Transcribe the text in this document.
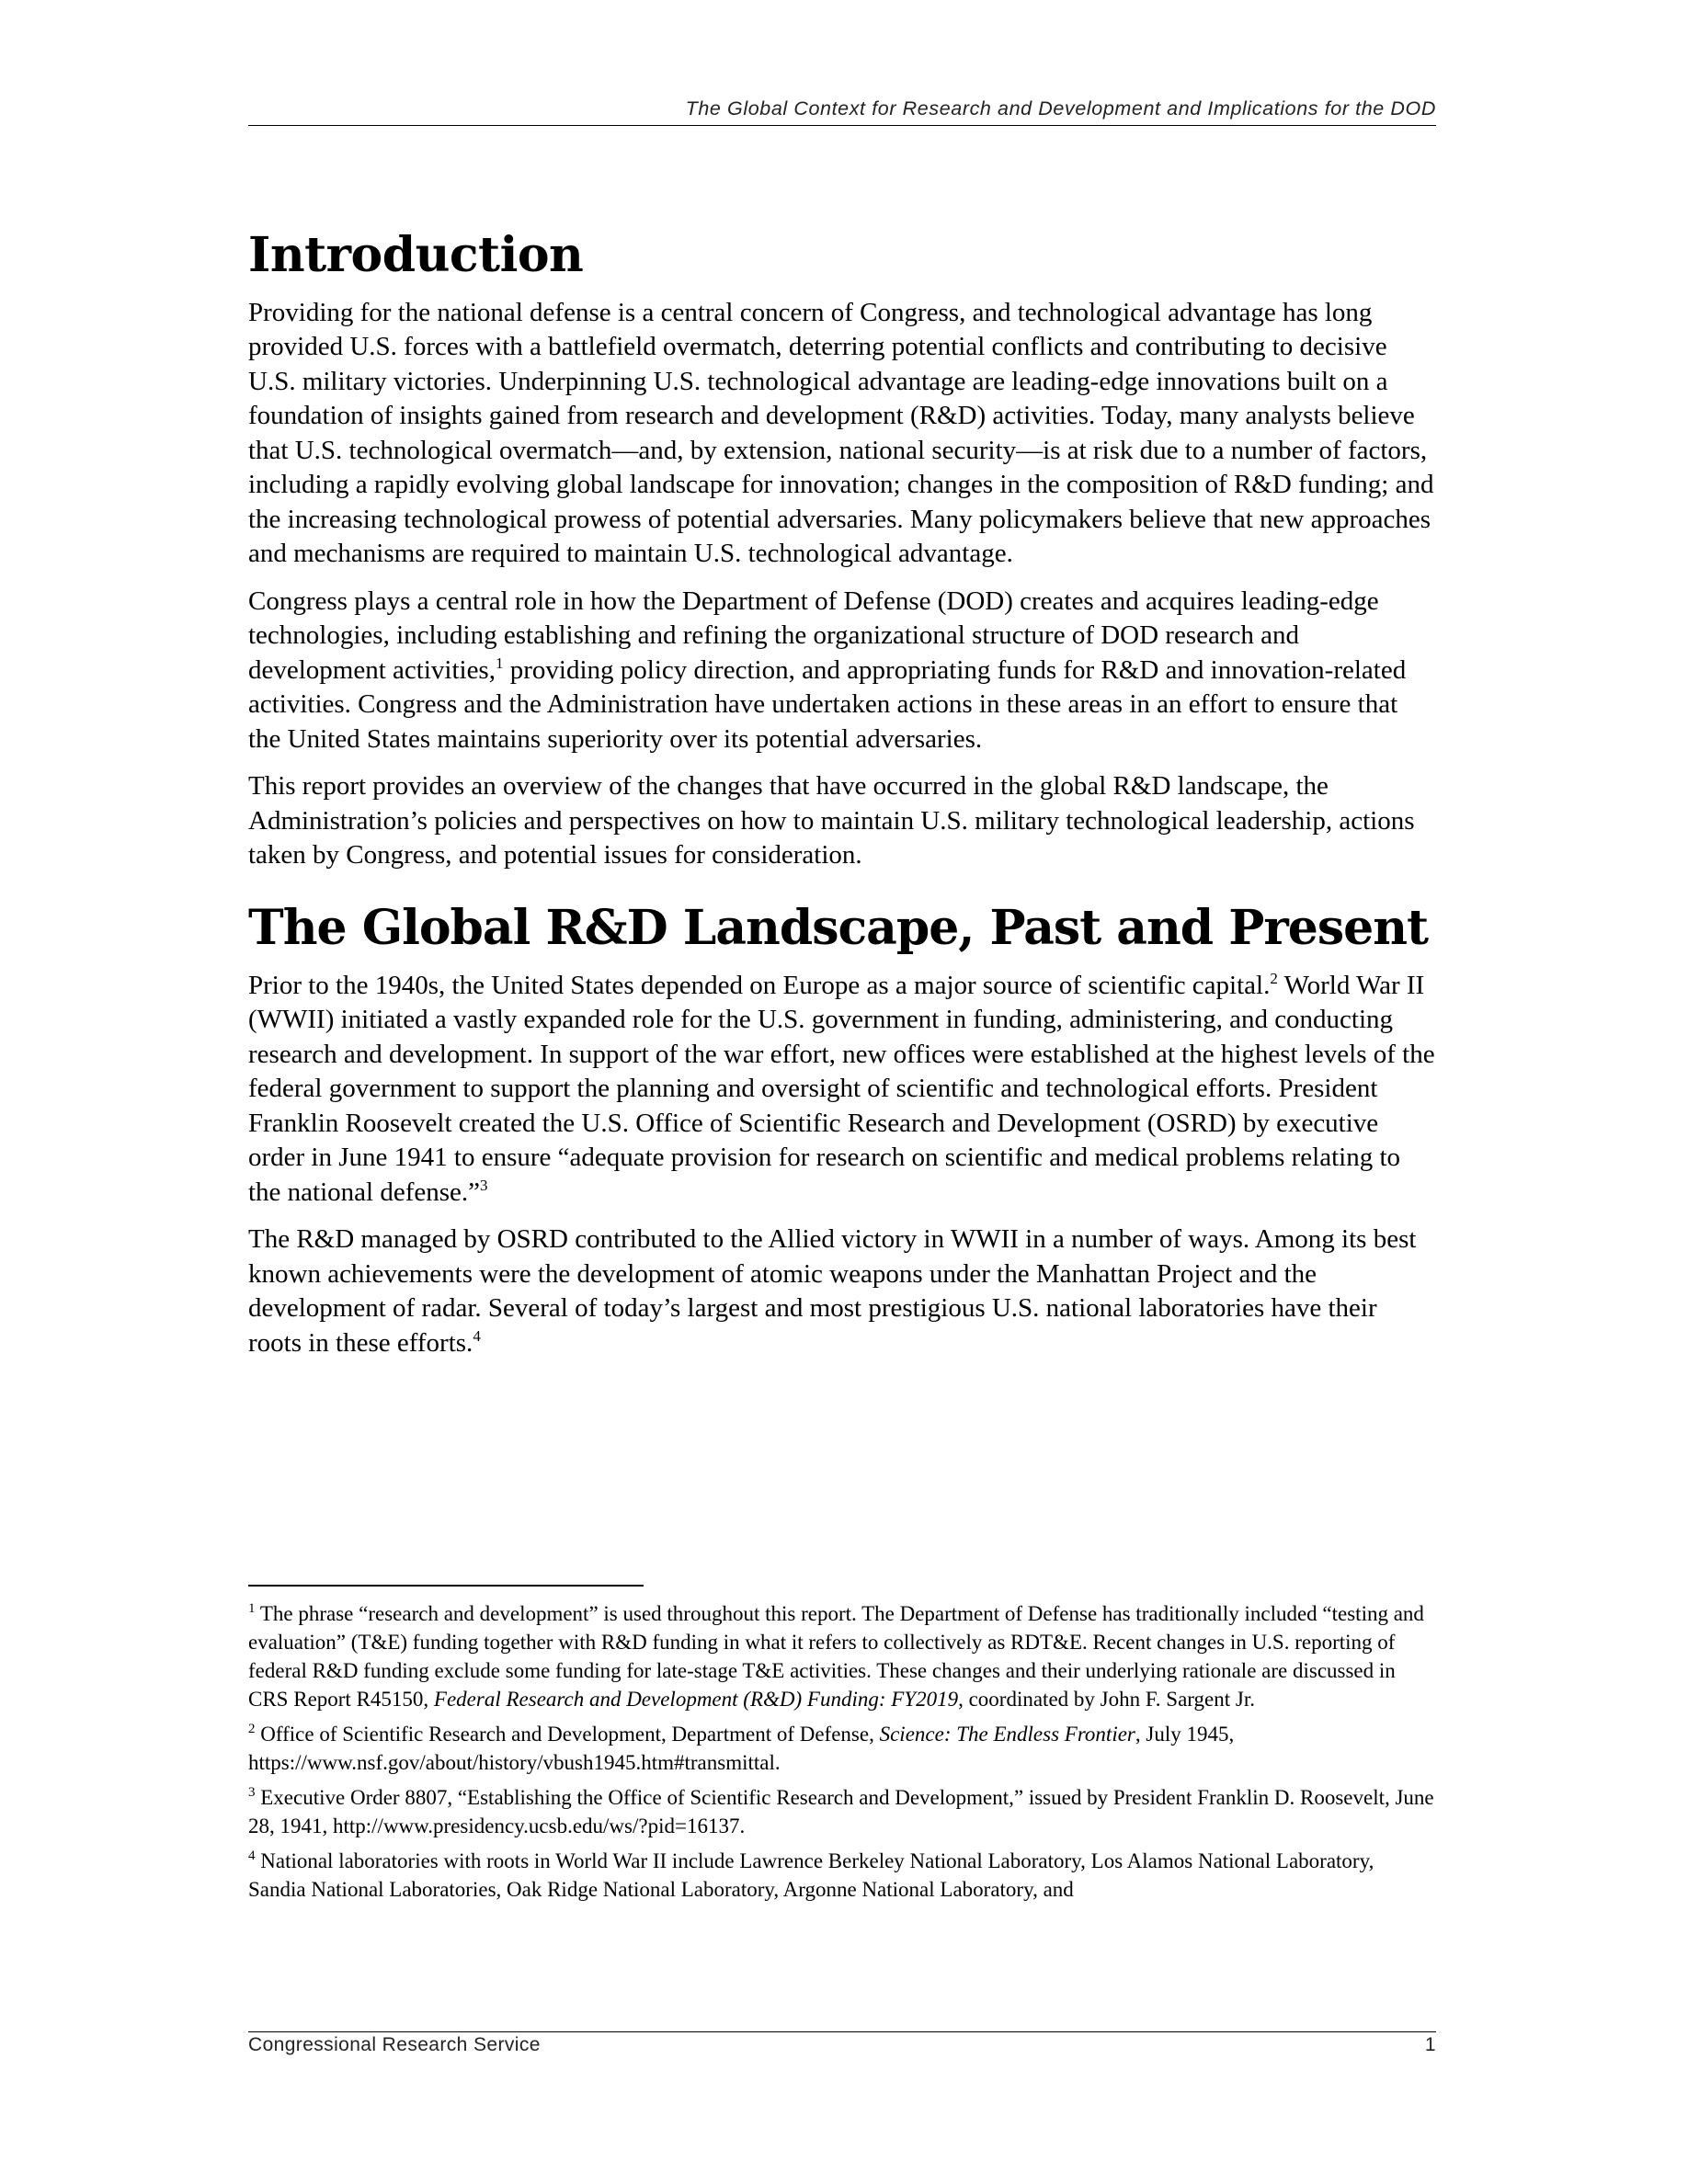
The Global Context for Research and Development and Implications for the DOD
Introduction

Providing for the national defense is a central concern of Congress, and technological advantage has long provided U.S. forces with a battlefield overmatch, deterring potential conflicts and contributing to decisive U.S. military victories. Underpinning U.S. technological advantage are leading-edge innovations built on a foundation of insights gained from research and development (R&D) activities. Today, many analysts believe that U.S. technological overmatch—and, by extension, national security—is at risk due to a number of factors, including a rapidly evolving global landscape for innovation; changes in the composition of R&D funding; and the increasing technological prowess of potential adversaries. Many policymakers believe that new approaches and mechanisms are required to maintain U.S. technological advantage.

Congress plays a central role in how the Department of Defense (DOD) creates and acquires leading-edge technologies, including establishing and refining the organizational structure of DOD research and development activities,$^1$ providing policy direction, and appropriating funds for R&D and innovation-related activities. Congress and the Administration have undertaken actions in these areas in an effort to ensure that the United States maintains superiority over its potential adversaries.

This report provides an overview of the changes that have occurred in the global R&D landscape, the Administration’s policies and perspectives on how to maintain U.S. military technological leadership, actions taken by Congress, and potential issues for consideration.

The Global R&D Landscape, Past and Present

Prior to the 1940s, the United States depended on Europe as a major source of scientific capital.$^2$ World War II (WWII) initiated a vastly expanded role for the U.S. government in funding, administering, and conducting research and development. In support of the war effort, new offices were established at the highest levels of the federal government to support the planning and oversight of scientific and technological efforts. President Franklin Roosevelt created the U.S. Office of Scientific Research and Development (OSRD) by executive order in June 1941 to ensure “adequate provision for research on scientific and medical problems relating to the national defense.”$^3$

The R&D managed by OSRD contributed to the Allied victory in WWII in a number of ways. Among its best known achievements were the development of atomic weapons under the Manhattan Project and the development of radar. Several of today’s largest and most prestigious U.S. national laboratories have their roots in these efforts.$^4$

$^1$ The phrase “research and development” is used throughout this report. The Department of Defense has traditionally included “testing and evaluation” (T&E) funding together with R&D funding in what it refers to collectively as RDT&E. Recent changes in U.S. reporting of federal R&D funding exclude some funding for late-stage T&E activities. These changes and their underlying rationale are discussed in CRS Report R45150, Federal Research and Development (R&D) Funding: FY2019, coordinated by John F. Sargent Jr.

$^2$ Office of Scientific Research and Development, Department of Defense, Science: The Endless Frontier, July 1945, https://www.nsf.gov/about/history/vbush1945.htm#transmittal.

$^3$ Executive Order 8807, “Establishing the Office of Scientific Research and Development,” issued by President Franklin D. Roosevelt, June 28, 1941, http://www.presidency.ucsb.edu/ws/?pid=16137.

$^4$ National laboratories with roots in World War II include Lawrence Berkeley National Laboratory, Los Alamos National Laboratory, Sandia National Laboratories, Oak Ridge National Laboratory, Argonne National Laboratory, and

Congressional Research Service	1
